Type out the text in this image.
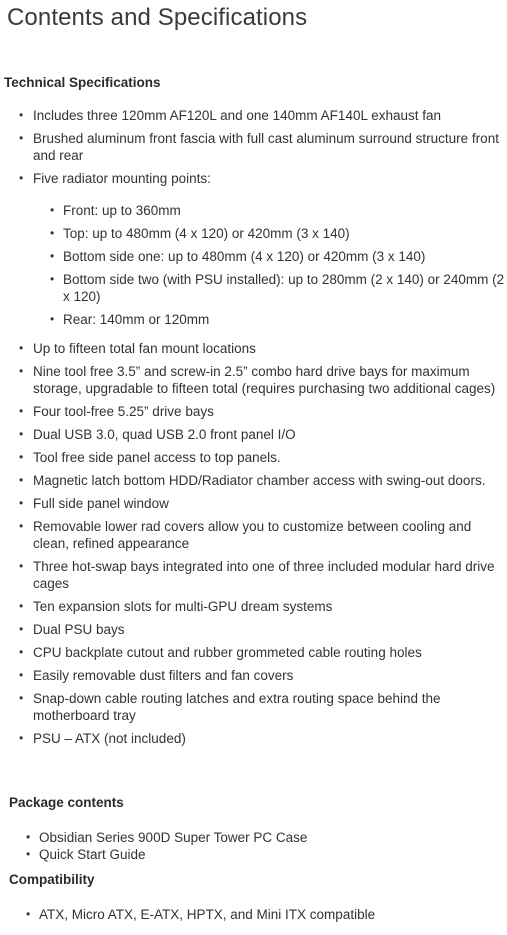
Contents and Specifications
Technical Specifications
• Includes three 120mm AF120L and one 140mm AF140L exhaust fan
• Brushed aluminum front fascia with full cast aluminum surround structure front and rear
• Five radiator mounting points:
• Front: up to 360mm
• Top: up to 480mm (4 x 120) or 420mm (3 x 140)
• Bottom side one: up to 480mm (4 x 120) or 420mm (3 x 140)
• Bottom side two (with PSU installed): up to 280mm (2 x 140) or 240mm (2 x 120)
• Rear: 140mm or 120mm
• Up to fifteen total fan mount locations
• Nine tool free 3.5” and screw-in 2.5” combo hard drive bays for maximum storage, upgradable to fifteen total (requires purchasing two additional cages)
• Four tool-free 5.25” drive bays
• Dual USB 3.0, quad USB 2.0 front panel I/O
• Tool free side panel access to top panels.
• Magnetic latch bottom HDD/Radiator chamber access with swing-out doors.
• Full side panel window
• Removable lower rad covers allow you to customize between cooling and clean, refined appearance
• Three hot-swap bays integrated into one of three included modular hard drive cages
• Ten expansion slots for multi-GPU dream systems
• Dual PSU bays
• CPU backplate cutout and rubber grommeted cable routing holes
• Easily removable dust filters and fan covers
• Snap-down cable routing latches and extra routing space behind the motherboard tray
• PSU – ATX (not included)
Package contents
• Obsidian Series 900D Super Tower PC Case
• Quick Start Guide
Compatibility
• ATX, Micro ATX, E-ATX, HPTX, and Mini ITX compatible
